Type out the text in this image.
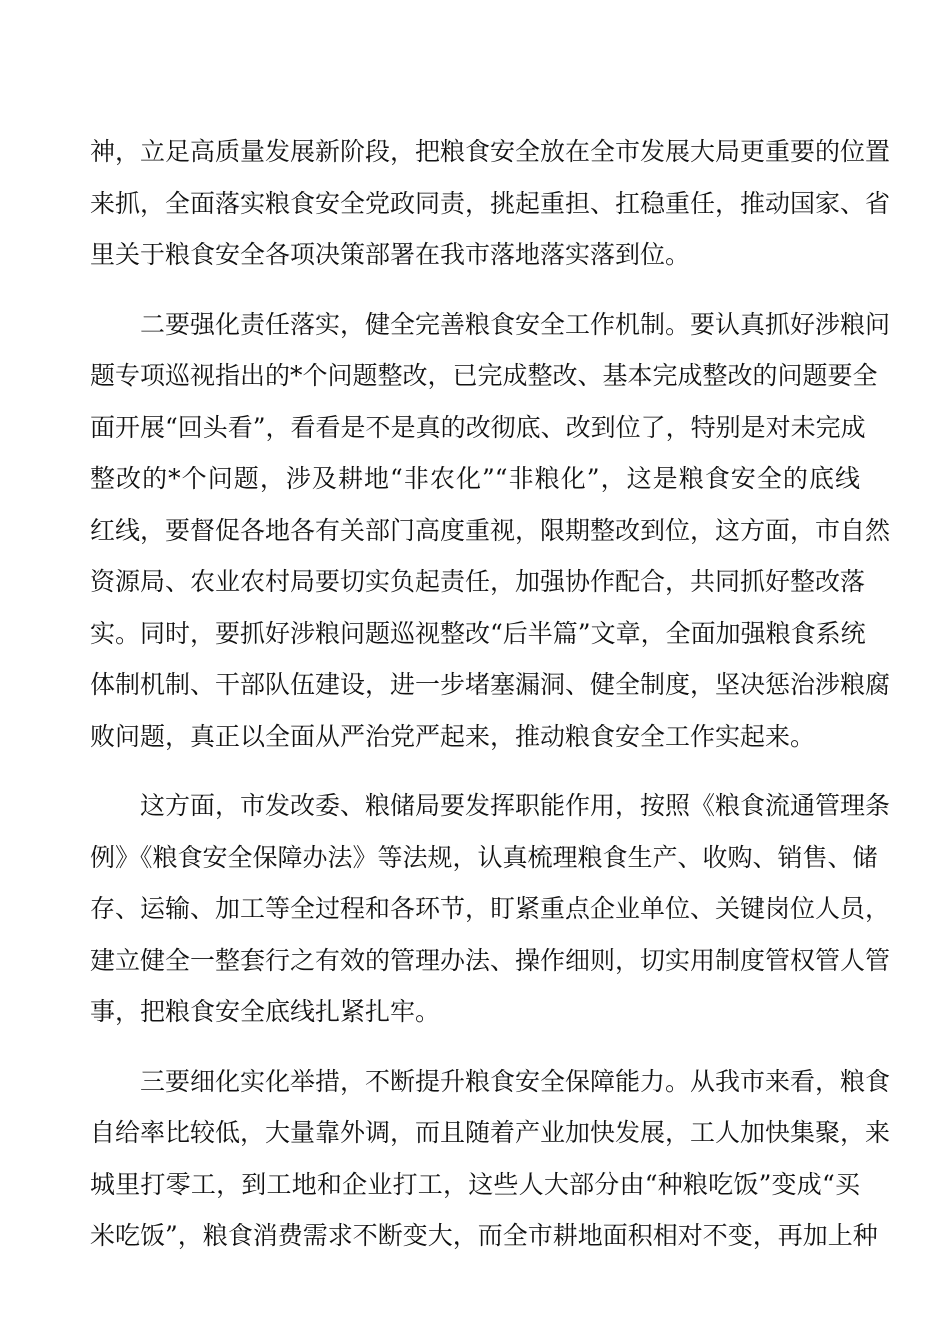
神，立足高质量发展新阶段，把粮食安全放在全市发展大局更重要的位置
来抓，全面落实粮食安全党政同责，挑起重担、扛稳重任，推动国家、省
里关于粮食安全各项决策部署在我市落地落实落到位。
二要强化责任落实，健全完善粮食安全工作机制。要认真抓好涉粮问
题专项巡视指出的*个问题整改，已完成整改、基本完成整改的问题要全
面开展“回头看”，看看是不是真的改彻底、改到位了，特别是对未完成
整改的*个问题，涉及耕地“非农化”“非粮化”，这是粮食安全的底线
红线，要督促各地各有关部门高度重视，限期整改到位，这方面，市自然
资源局、农业农村局要切实负起责任，加强协作配合，共同抓好整改落
实。同时，要抓好涉粮问题巡视整改“后半篇”文章，全面加强粮食系统
体制机制、干部队伍建设，进一步堵塞漏洞、健全制度，坚决惩治涉粮腐
败问题，真正以全面从严治党严起来，推动粮食安全工作实起来。
这方面，市发改委、粮储局要发挥职能作用，按照《粮食流通管理条
例》《粮食安全保障办法》等法规，认真梳理粮食生产、收购、销售、储
存、运输、加工等全过程和各环节，盯紧重点企业单位、关键岗位人员，
建立健全一整套行之有效的管理办法、操作细则，切实用制度管权管人管
事，把粮食安全底线扎紧扎牢。
三要细化实化举措，不断提升粮食安全保障能力。从我市来看，粮食
自给率比较低，大量靠外调，而且随着产业加快发展，工人加快集聚，来
城里打零工，到工地和企业打工，这些人大部分由“种粮吃饭”变成“买
米吃饭”，粮食消费需求不断变大，而全市耕地面积相对不变，再加上种
